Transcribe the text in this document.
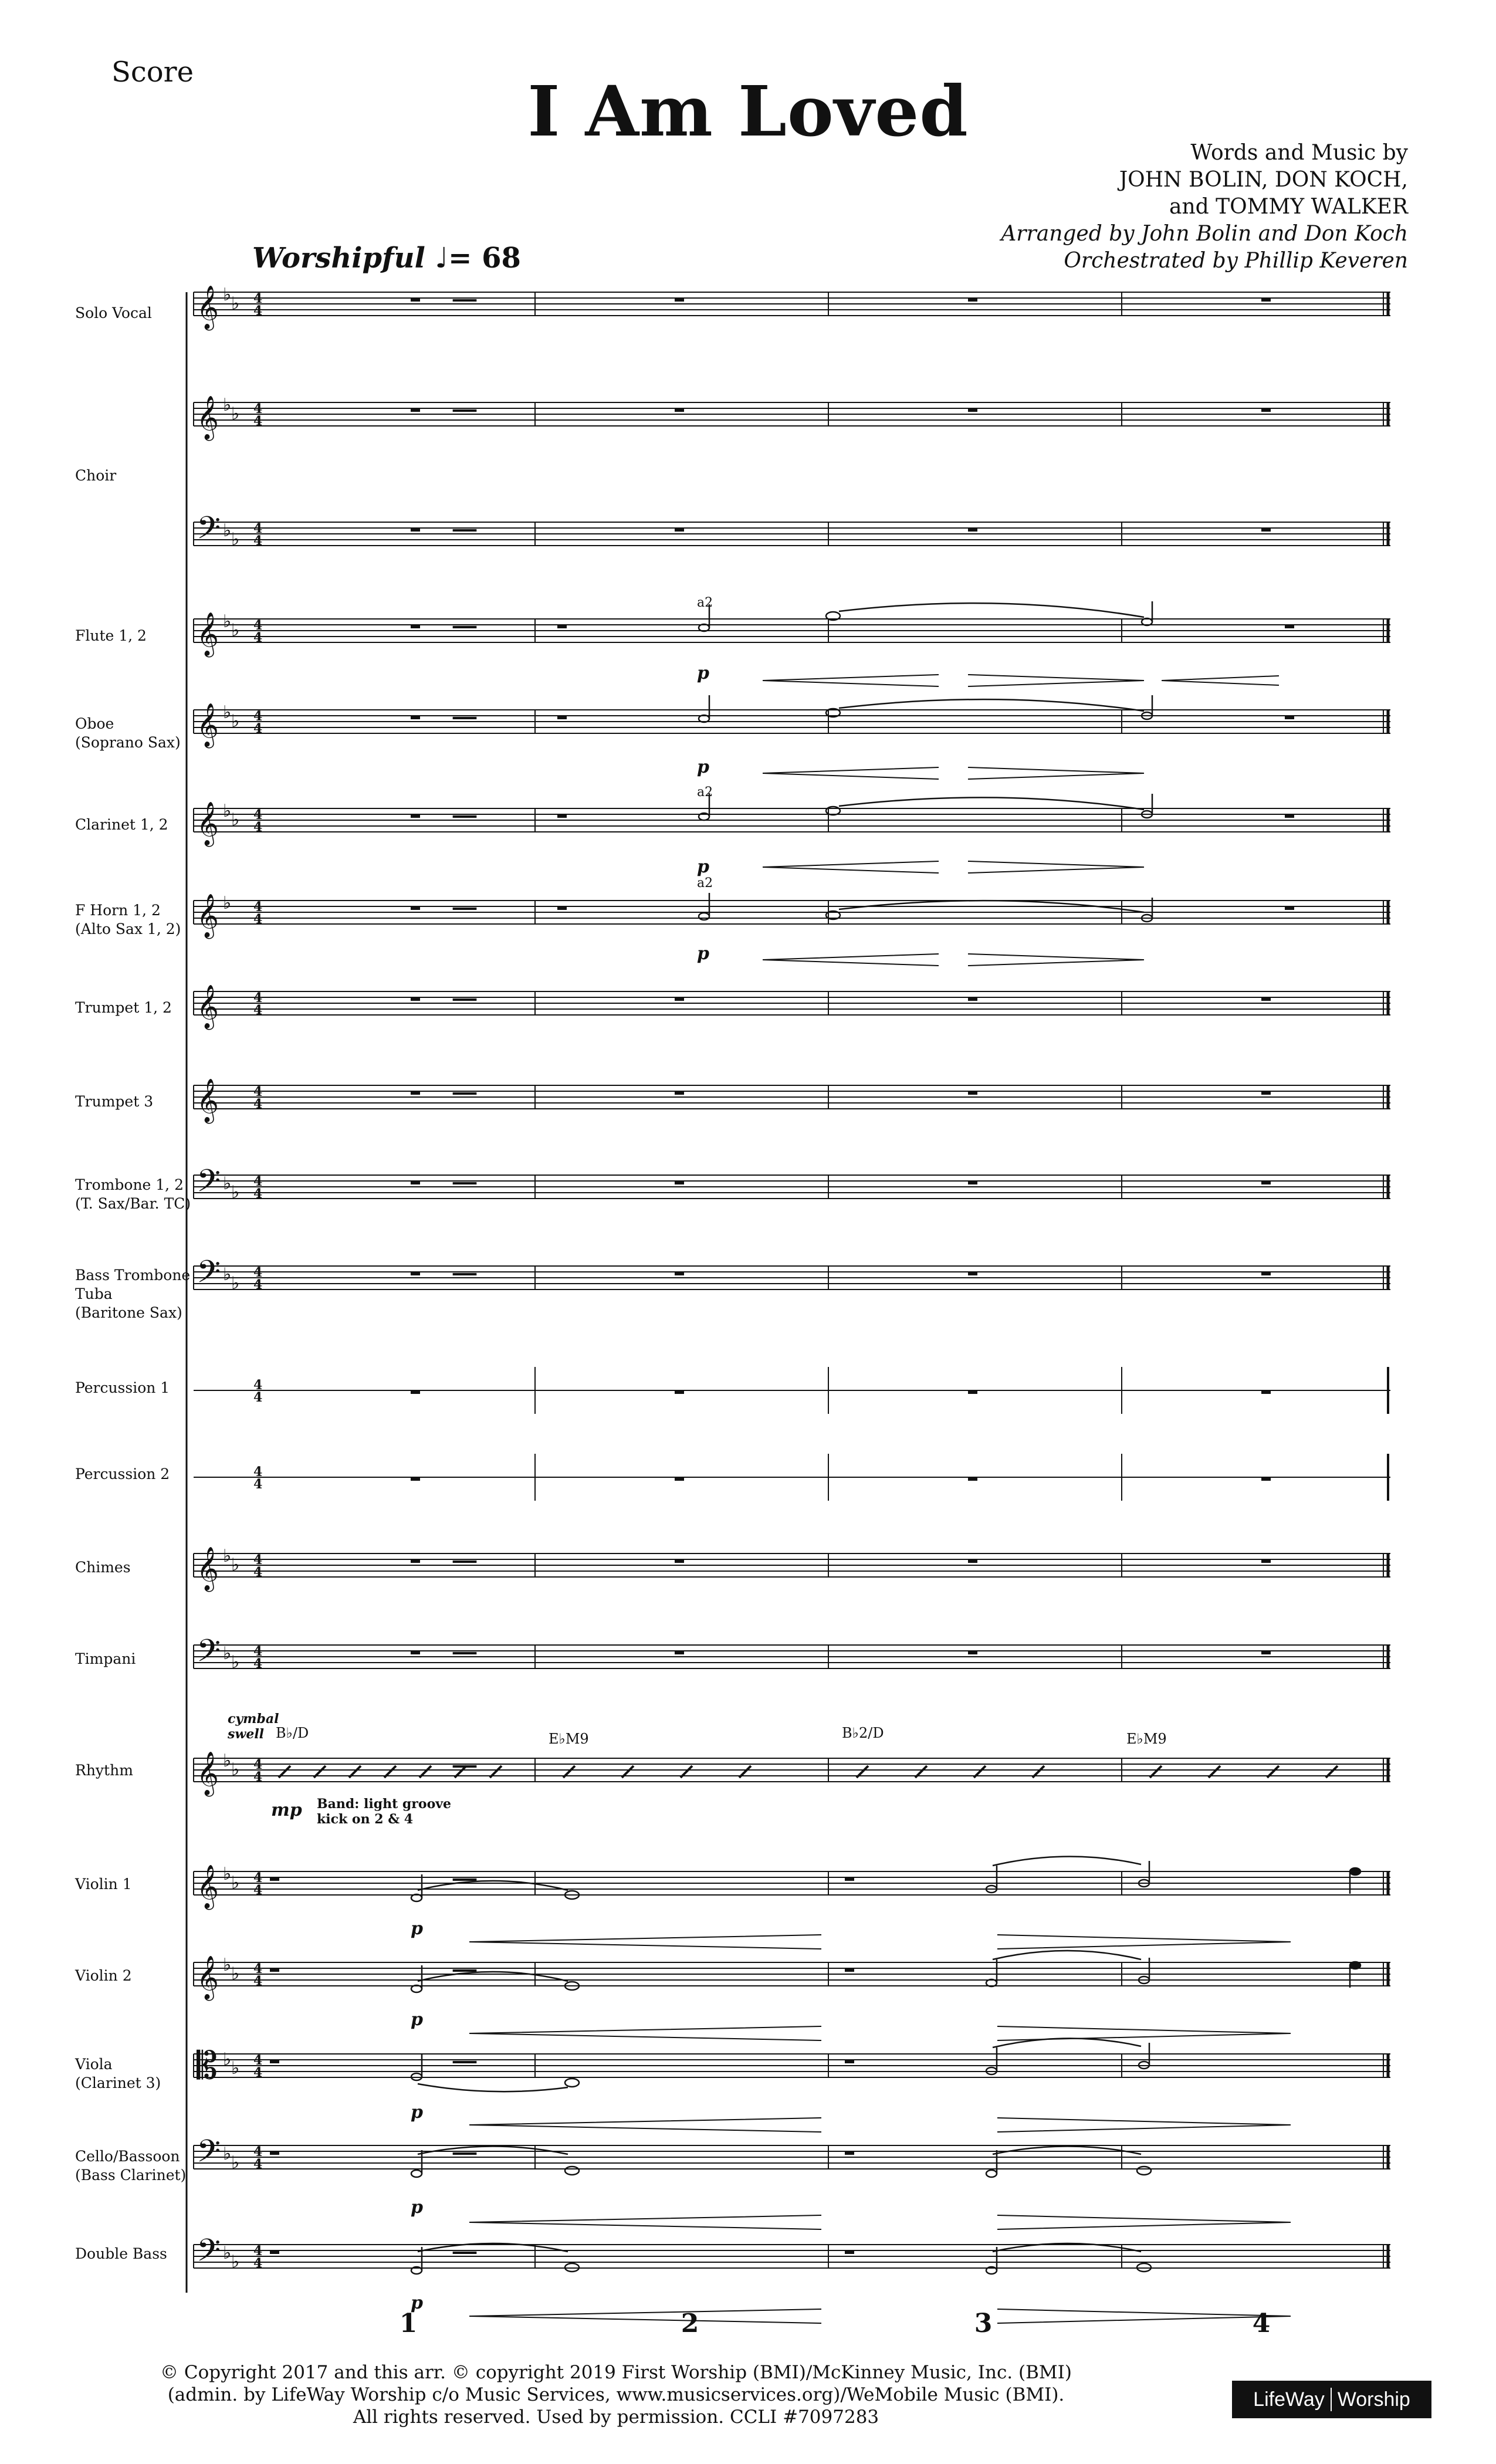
Score	I Am Loved
Words and Music by
JOHN BOLIN, DON KOCH,
and TOMMY WALKER
Arranged by John Bolin and Don Koch
Orchestrated by Phillip Keveren
Worshipful ♩= 68
Solo Vocal
Choir
Flute 1, 2
Oboe
(Soprano Sax)
Clarinet 1, 2
F Horn 1, 2
(Alto Sax 1, 2)
Trumpet 1, 2
Trumpet 3
Trombone 1, 2
(T. Sax/Bar. TC)
Bass Trombone
Tuba
(Baritone Sax)
Percussion 1
Percussion 2
Chimes
Timpani
Rhythm
Violin 1
Violin 2
Viola
(Clarinet 3)
Cello/Bassoon
(Bass Clarinet)
Double Bass
—
4
4
𝄞
𝄞
𝄢
𝄞
𝄞
𝄞
𝄞
𝄞
𝄞
𝄢
𝄢
𝄞
𝄢
𝄞
𝄞
𝄞
𝄡
𝄢
𝄢
♭ ♭
♭ ♭
♭ ♭
♭ ♭
♭ ♭
♭ ♭
♭
♭ ♭
♭ ♭
♭ ♭
♭ ♭
♭ ♭
♭ ♭
♭ ♭
♭ ♭
♭ ♭
♭ ♭
a2
a2
a2
p
p
p
p
cymbal
swell
mp Band: light groove
kick on 2 & 4
B♭/D	E♭M9	B♭2/D	E♭M9
p
p
p
p
p
1	2	3	4
© Copyright 2017 and this arr. © copyright 2019 First Worship (BMI)/McKinney Music, Inc. (BMI)
(admin. by LifeWay Worship c/o Music Services, www.musicservices.org)/WeMobile Music (BMI).
All rights reserved. Used by permission. CCLI #7097283
LifeWay Worship
